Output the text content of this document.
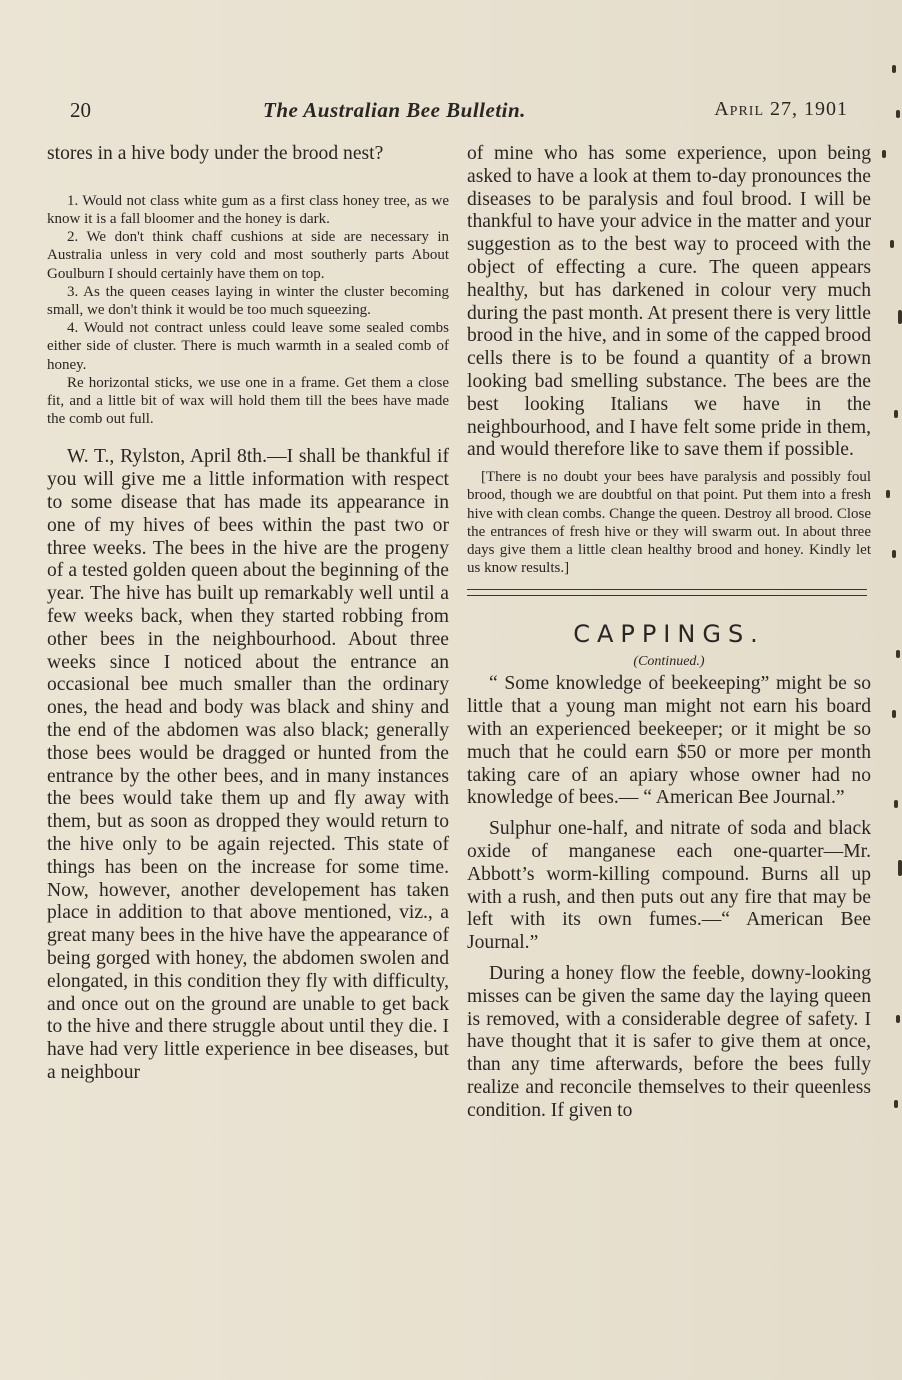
20	The Australian Bee Bulletin.	April 27, 1901

stores in a hive body under the brood nest?

1. Would not class white gum as a first class honey tree, as we know it is a fall bloomer and the honey is dark.

2. We don't think chaff cushions at side are necessary in Australia unless in very cold and most southerly parts About Goulburn I should certainly have them on top.

3. As the queen ceases laying in winter the cluster becoming small, we don't think it would be too much squeezing.

4. Would not contract unless could leave some sealed combs either side of cluster. There is much warmth in a sealed comb of honey.

Re horizontal sticks, we use one in a frame. Get them a close fit, and a little bit of wax will hold them till the bees have made the comb out full.

W. T., Rylston, April 8th.—I shall be thankful if you will give me a little information with respect to some disease that has made its appearance in one of my hives of bees within the past two or three weeks. The bees in the hive are the progeny of a tested golden queen about the beginning of the year. The hive has built up remarkably well until a few weeks back, when they started robbing from other bees in the neighbourhood. About three weeks since I noticed about the entrance an occasional bee much smaller than the ordinary ones, the head and body was black and shiny and the end of the abdomen was also black; generally those bees would be dragged or hunted from the entrance by the other bees, and in many instances the bees would take them up and fly away with them, but as soon as dropped they would return to the hive only to be again rejected. This state of things has been on the increase for some time. Now, however, another developement has taken place in addition to that above mentioned, viz., a great many bees in the hive have the appearance of being gorged with honey, the abdomen swolen and elongated, in this condition they fly with difficulty, and once out on the ground are unable to get back to the hive and there struggle about until they die. I have had very little experience in bee diseases, but a neighbour

of mine who has some experience, upon being asked to have a look at them to-day pronounces the diseases to be paralysis and foul brood. I will be thankful to have your advice in the matter and your suggestion as to the best way to proceed with the object of effecting a cure. The queen appears healthy, but has darkened in colour very much during the past month. At present there is very little brood in the hive, and in some of the capped brood cells there is to be found a quantity of a brown looking bad smelling substance. The bees are the best looking Italians we have in the neighbourhood, and I have felt some pride in them, and would therefore like to save them if possible.

[There is no doubt your bees have paralysis and possibly foul brood, though we are doubtful on that point. Put them into a fresh hive with clean combs. Change the queen. Destroy all brood. Close the entrances of fresh hive or they will swarm out. In about three days give them a little clean healthy brood and honey. Kindly let us know results.]

CAPPINGS.
(Continued.)

“ Some knowledge of beekeeping” might be so little that a young man might not earn his board with an experienced beekeeper; or it might be so much that he could earn $50 or more per month taking care of an apiary whose owner had no knowledge of bees.— “ American Bee Journal.”

Sulphur one-half, and nitrate of soda and black oxide of manganese each one-quarter—Mr. Abbott’s worm-killing compound. Burns all up with a rush, and then puts out any fire that may be left with its own fumes.—“ American Bee Journal.”

During a honey flow the feeble, downy-looking misses can be given the same day the laying queen is removed, with a considerable degree of safety. I have thought that it is safer to give them at once, than any time afterwards, before the bees fully realize and reconcile themselves to their queenless condition. If given to
